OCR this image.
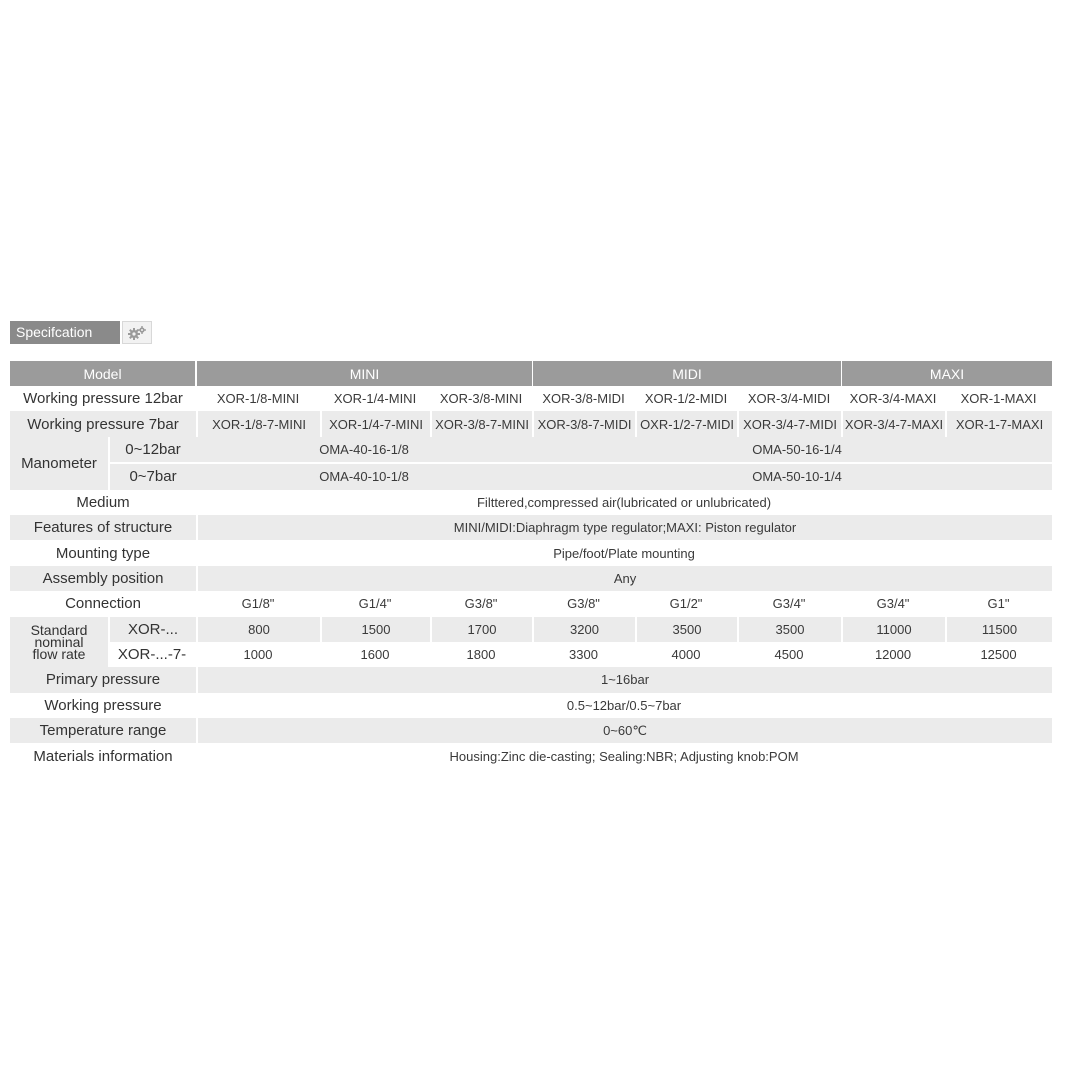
Specifcation
Model		MINI			MIDI			MAXI	
Working pressure 12bar		XOR-1/8-MINI	XOR-1/4-MINI	XOR-3/8-MINI	XOR-3/8-MIDI	XOR-1/2-MIDI	XOR-3/4-MIDI	XOR-3/4-MAXI	XOR-1-MAXI
Working pressure 7bar		XOR-1/8-7-MINI	XOR-1/4-7-MINI	XOR-3/8-7-MINI	XOR-3/8-7-MIDI	OXR-1/2-7-MIDI	XOR-3/4-7-MIDI	XOR-3/4-7-MAXI	XOR-1-7-MAXI
Manometer	0~12bar	OMA-40-16-1/8			OMA-50-16-1/4				
	0~7bar	OMA-40-10-1/8			OMA-50-10-1/4				
Medium		Filttered,compressed air(lubricated or unlubricated)							
Features of structure		MINI/MIDI:Diaphragm type regulator;MAXI: Piston regulator							
Mounting type		Pipe/foot/Plate mounting							
Assembly position		Any							
Connection		G1/8"	G1/4"	G3/8"	G3/8"	G1/2"	G3/4"	G3/4"	G1"

Standard
nominal
flow rate	XOR-...	800	1500	1700	3200	3500	3500	11000	11500
	XOR-...-7-	1000	1600	1800	3300	4000	4500	12000	12500
Primary pressure		1~16bar							
Working pressure		0.5~12bar/0.5~7bar							
Temperature range		0~60℃							
Materials information		Housing:Zinc die-casting; Sealing:NBR; Adjusting knob:POM							
